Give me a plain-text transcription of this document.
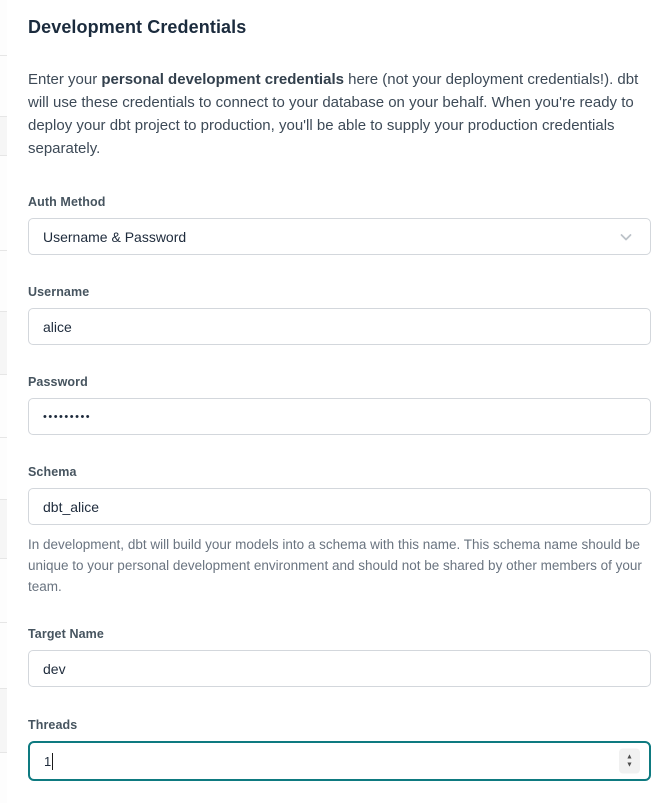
Development Credentials

Enter your personal development credentials here (not your deployment credentials!). dbt will use these credentials to connect to your database on your behalf. When you're ready to deploy your dbt project to production, you'll be able to supply your production credentials separately.

Auth Method
Username & Password
Username
alice
Password
•••••••••
Schema
dbt_alice

In development, dbt will build your models into a schema with this name. This schema name should be unique to your personal development environment and should not be shared by other members of your team.

Target Name
dev
Threads
1	▲
▼
